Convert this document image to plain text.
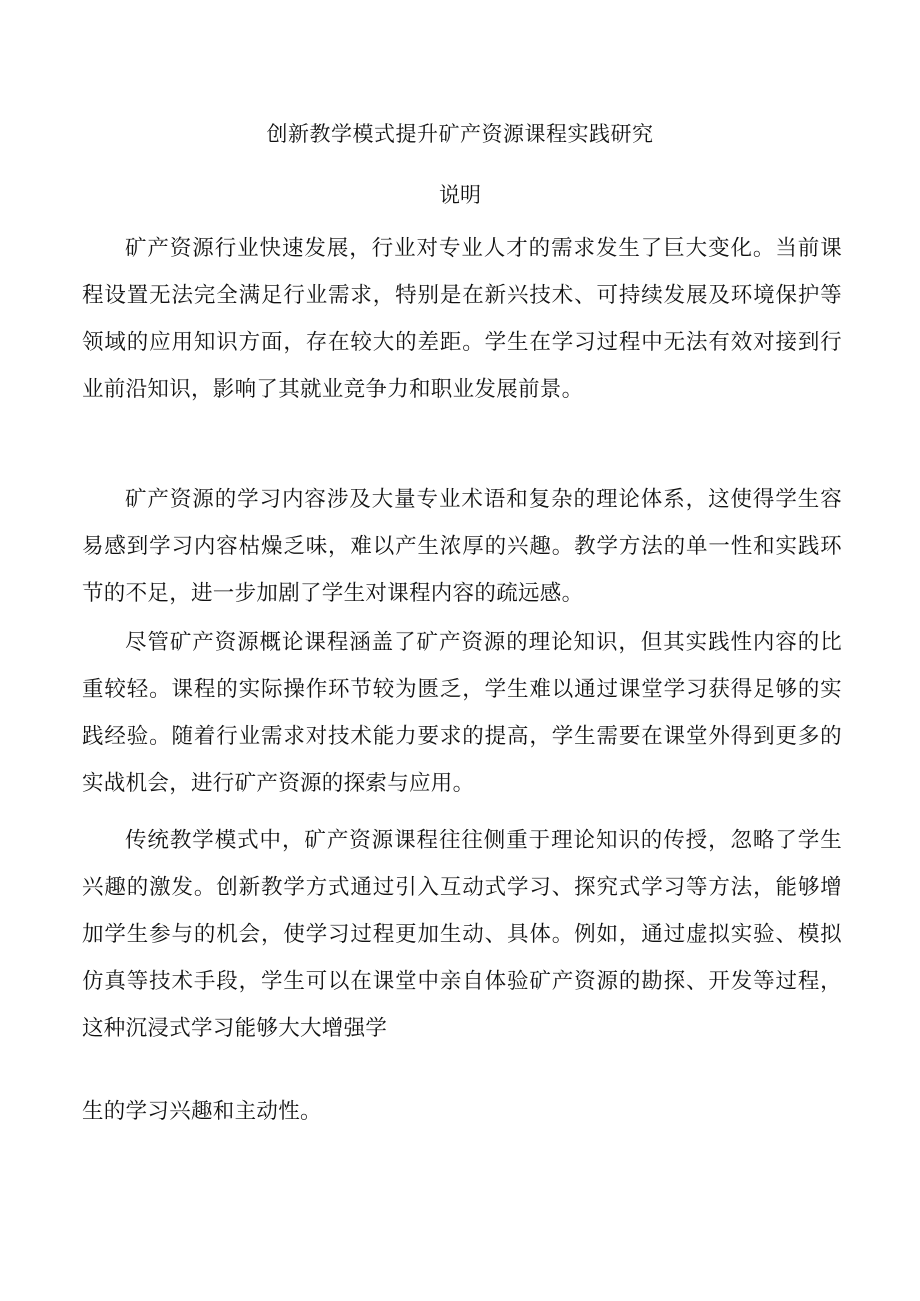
创新教学模式提升矿产资源课程实践研究
说明

矿产资源行业快速发展，行业对专业人才的需求发生了巨大变化。当前课程设置无法完全满足行业需求，特别是在新兴技术、可持续发展及环境保护等领域的应用知识方面，存在较大的差距。学生在学习过程中无法有效对接到行业前沿知识，影响了其就业竞争力和职业发展前景。

矿产资源的学习内容涉及大量专业术语和复杂的理论体系，这使得学生容易感到学习内容枯燥乏味，难以产生浓厚的兴趣。教学方法的单一性和实践环节的不足，进一步加剧了学生对课程内容的疏远感。

尽管矿产资源概论课程涵盖了矿产资源的理论知识，但其实践性内容的比重较轻。课程的实际操作环节较为匮乏，学生难以通过课堂学习获得足够的实践经验。随着行业需求对技术能力要求的提高，学生需要在课堂外得到更多的实战机会，进行矿产资源的探索与应用。

传统教学模式中，矿产资源课程往往侧重于理论知识的传授，忽略了学生兴趣的激发。创新教学方式通过引入互动式学习、探究式学习等方法，能够增加学生参与的机会，使学习过程更加生动、具体。例如，通过虚拟实验、模拟仿真等技术手段，学生可以在课堂中亲自体验矿产资源的勘探、开发等过程，这种沉浸式学习能够大大增强学

生的学习兴趣和主动性。
